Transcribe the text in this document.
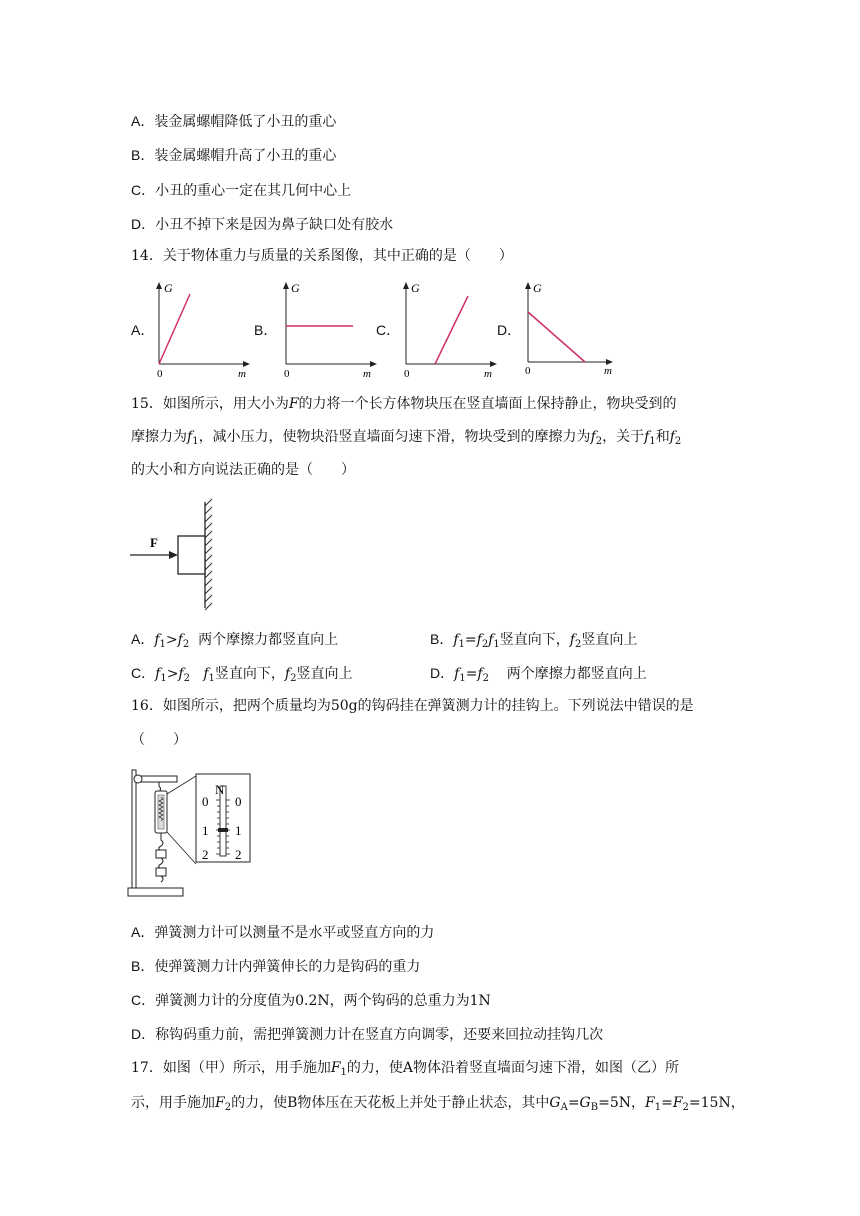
A．装金属螺帽降低了小丑的重心
B．装金属螺帽升高了小丑的重心
C．小丑的重心一定在其几何中心上
D．小丑不掉下来是因为鼻子缺口处有胶水
14．关于物体重力与质量的关系图像，其中正确的是（　　）
A．	B．	C．	D．
G
0	m
G
0	m
G
0	m
G
0	m
15．如图所示，用大小为F的力将一个长方体物块压在竖直墙面上保持静止，物块受到的
摩擦力为$f_1$，减小压力，使物块沿竖直墙面匀速下滑，物块受到的摩擦力为$f_2$，关于$f_1$和$f_2$
的大小和方向说法正确的是（　　）
F
A．$f_1>f_2$ 两个摩擦力都竖直向上	B．$f_1=f_2f_1$竖直向下，$f_2$竖直向上
C．$f_1>f_2$ $f_1$竖直向下，$f_2$竖直向上	D．$f_1=f_2$ 两个摩擦力都竖直向上
16．如图所示，把两个质量均为50g的钩码挂在弹簧测力计的挂钩上。下列说法中错误的是
（　　）
N
0
1
2
0
1
2
A．弹簧测力计可以测量不是水平或竖直方向的力
B．使弹簧测力计内弹簧伸长的力是钩码的重力
C．弹簧测力计的分度值为0.2N，两个钩码的总重力为1N
D．称钩码重力前，需把弹簧测力计在竖直方向调零，还要来回拉动挂钩几次
17．如图（甲）所示，用手施加$F_1$的力，使A物体沿着竖直墙面匀速下滑，如图（乙）所
示，用手施加$F_2$的力，使B物体压在天花板上并处于静止状态，其中$G_A=G_B=5N$，$F_1=F_2=15N$，
